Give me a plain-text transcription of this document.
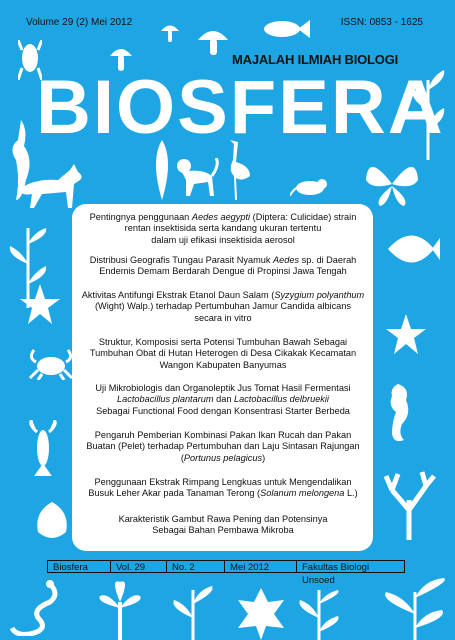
Volume 29 (2) Mei 2012	ISSN: 0853 - 1625
MAJALAH ILMIAH BIOLOGI
BIOSFERA
Pentingnya penggunaan Aedes aegypti (Diptera: Culicidae) strain
rentan insektisida serta kandang ukuran tertentu
dalam uji efikasi insektisida aerosol
Distribusi Geografis Tungau Parasit Nyamuk Aedes sp. di Daerah
Endemis Demam Berdarah Dengue di Propinsi Jawa Tengah
Aktivitas Antifungi Ekstrak Etanol Daun Salam (Syzygium polyanthum
(Wight) Walp.) terhadap Pertumbuhan Jamur Candida albicans
secara in vitro
Struktur, Komposisi serta Potensi Tumbuhan Bawah Sebagai
Tumbuhan Obat di Hutan Heterogen di Desa Cikakak Kecamatan
Wangon Kabupaten Banyumas
Uji Mikrobiologis dan Organoleptik Jus Tomat Hasil Fermentasi
Lactobacillus plantarum dan Lactobacillus delbruekii
Sebagai Functional Food dengan Konsentrasi Starter Berbeda
Pengaruh Pemberian Kombinasi Pakan Ikan Rucah dan Pakan
Buatan (Pelet) terhadap Pertumbuhan dan Laju Sintasan Rajungan
(Portunus pelagicus)
Penggunaan Ekstrak Rimpang Lengkuas untuk Mengendalikan
Busuk Leher Akar pada Tanaman Terong (Solanum melongena L.)
Karakteristik Gambut Rawa Pening dan Potensinya
Sebagai Bahan Pembawa Mikroba
Biosfera	Vol. 29	No. 2	Mei 2012	Fakultas Biologi Unsoed
